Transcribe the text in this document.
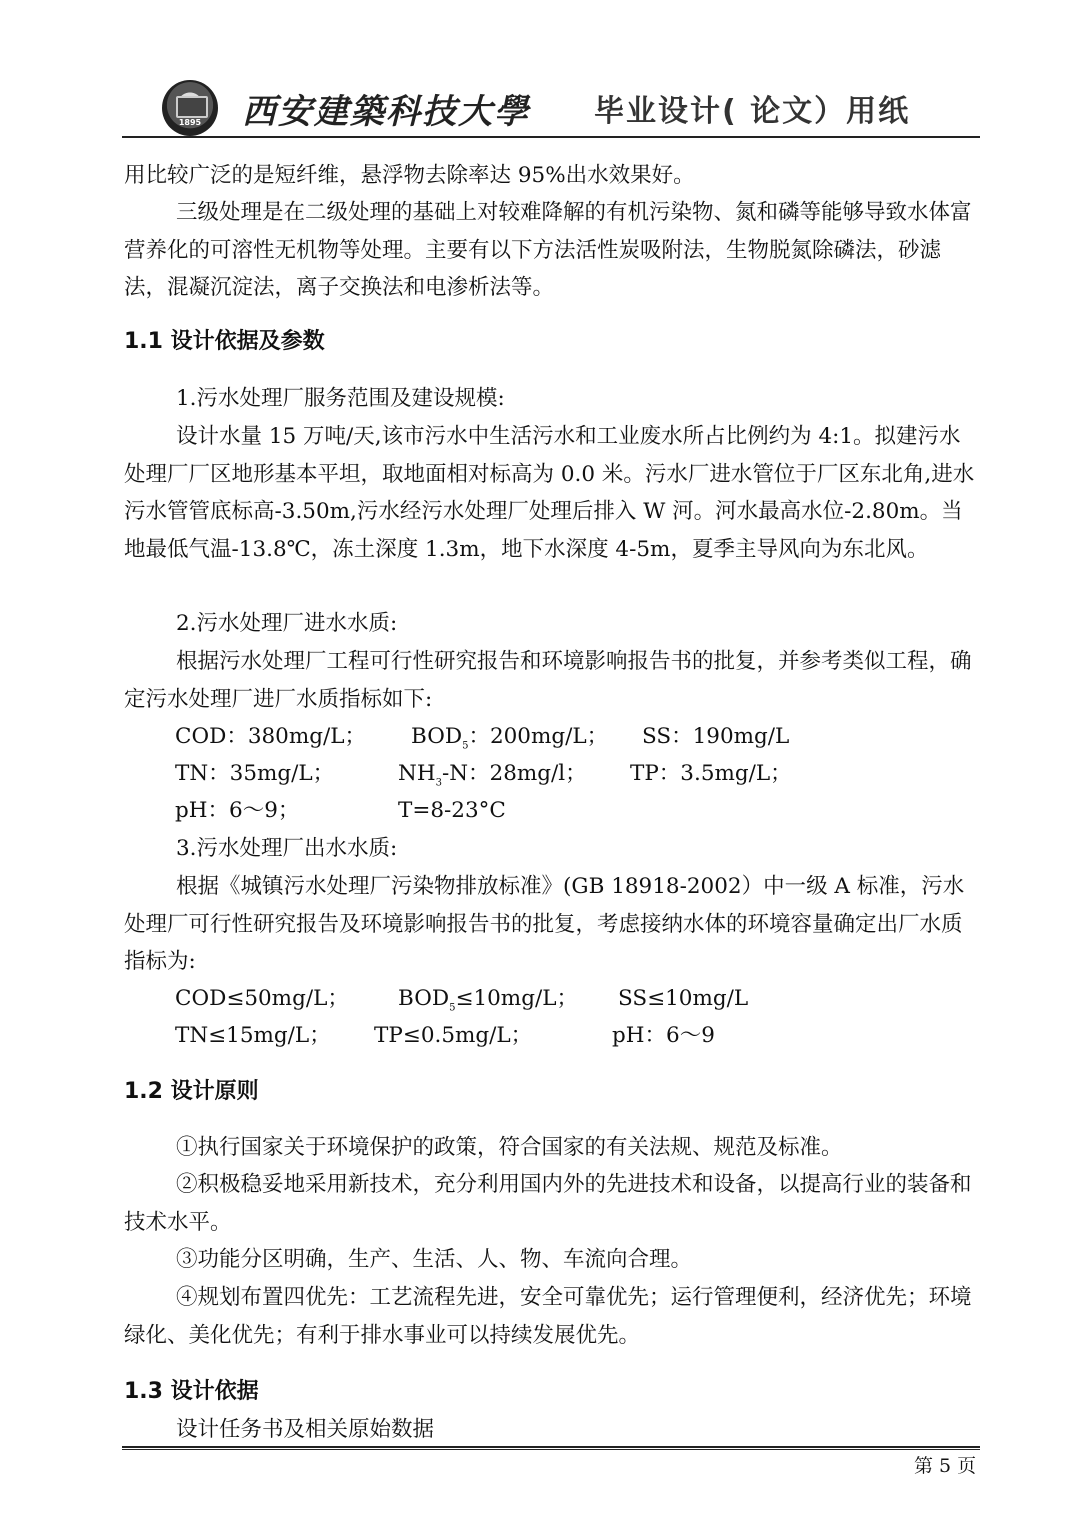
1895 西安建築科技大學 毕业设计( 论文）用纸

用比较广泛的是短纤维，悬浮物去除率达 95%出水效果好。

三级处理是在二级处理的基础上对较难降解的有机污染物、氮和磷等能够导致水体富营养化的可溶性无机物等处理。主要有以下方法活性炭吸附法，生物脱氮除磷法，砂滤法，混凝沉淀法，离子交换法和电渗析法等。

1.1 设计依据及参数

1.污水处理厂服务范围及建设规模:

设计水量 15 万吨/天,该市污水中生活污水和工业废水所占比例约为 4:1。拟建污水处理厂厂区地形基本平坦，取地面相对标高为 0.0 米。污水厂进水管位于厂区东北角,进水污水管管底标高-3.50m,污水经污水处理厂处理后排入 W 河。河水最高水位-2.80m。当地最低气温-13.8℃，冻土深度 1.3m，地下水深度 4-5m，夏季主导风向为东北风。

2.污水处理厂进水水质:

根据污水处理厂工程可行性研究报告和环境影响报告书的批复，并参考类似工程，确定污水处理厂进厂水质指标如下:

COD：380mg/L； $BOD_5$：200mg/L； SS：190mg/L
TN：35mg/L；	$NH_3-N$：28mg/l； TP：3.5mg/L；
pH：6～9；	T=8-23°C

3.污水处理厂出水水质:

根据《城镇污水处理厂污染物排放标准》(GB 18918-2002）中一级 A 标准，污水处理厂可行性研究报告及环境影响报告书的批复，考虑接纳水体的环境容量确定出厂水质指标为:

COD≤50mg/L； $BOD_5\le 10mg/L$； SS≤10mg/L
TN≤15mg/L； TP≤0.5mg/L；	pH：6～9
1.2 设计原则

①执行国家关于环境保护的政策，符合国家的有关法规、规范及标准。

②积极稳妥地采用新技术，充分利用国内外的先进技术和设备，以提高行业的装备和技术水平。

③功能分区明确，生产、生活、人、物、车流向合理。

④规划布置四优先：工艺流程先进，安全可靠优先；运行管理便利，经济优先；环境绿化、美化优先；有利于排水事业可以持续发展优先。

1.3 设计依据

设计任务书及相关原始数据

第 5 页
